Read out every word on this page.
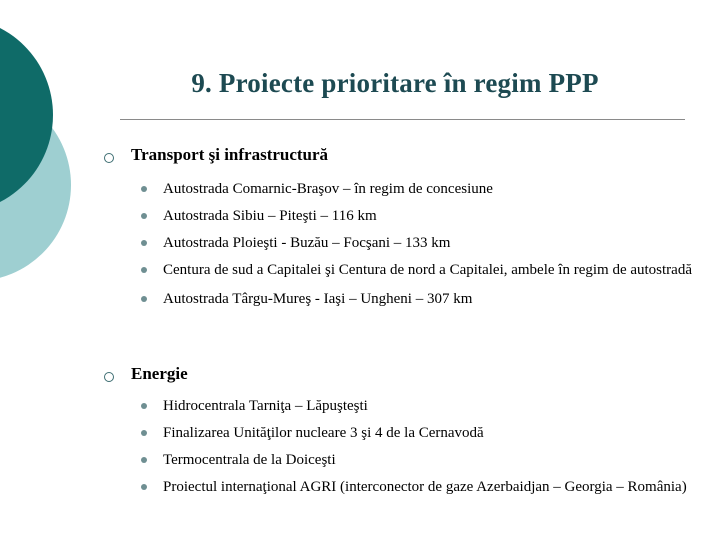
9. Proiecte prioritare în regim PPP
Transport şi infrastructură
Autostrada Comarnic-Braşov – în regim de concesiune
Autostrada Sibiu – Piteşti – 116 km
Autostrada Ploieşti - Buzău – Focşani – 133 km
Centura de sud a Capitalei şi Centura de nord a Capitalei, ambele în regim de autostradă
Autostrada Târgu-Mureş - Iaşi – Ungheni – 307 km
Energie
Hidrocentrala Tarniţa – Lăpuşteşti
Finalizarea Unităţilor nucleare 3 şi 4 de la Cernavodă
Termocentrala de la Doiceşti
Proiectul internaţional AGRI (interconector de gaze Azerbaidjan – Georgia – România)
